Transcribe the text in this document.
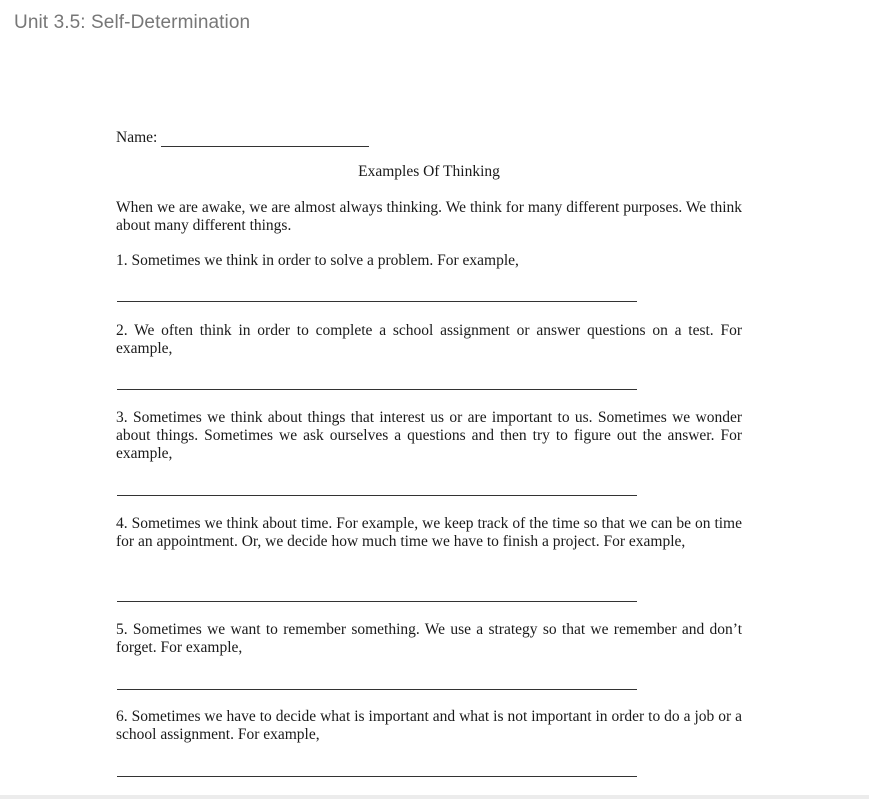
Unit 3.5: Self-Determination
Name:
Examples Of Thinking
When we are awake, we are almost always thinking. We think for many different purposes. We think about many different things.
1. Sometimes we think in order to solve a problem. For example,
2. We often think in order to complete a school assignment or answer questions on a test. For example,
3. Sometimes we think about things that interest us or are important to us. Sometimes we wonder about things. Sometimes we ask ourselves a questions and then try to figure out the answer. For example,
4. Sometimes we think about time. For example, we keep track of the time so that we can be on time for an appointment. Or, we decide how much time we have to finish a project. For example,
5. Sometimes we want to remember something. We use a strategy so that we remember and don’t forget. For example,
6. Sometimes we have to decide what is important and what is not important in order to do a job or a school assignment. For example,
